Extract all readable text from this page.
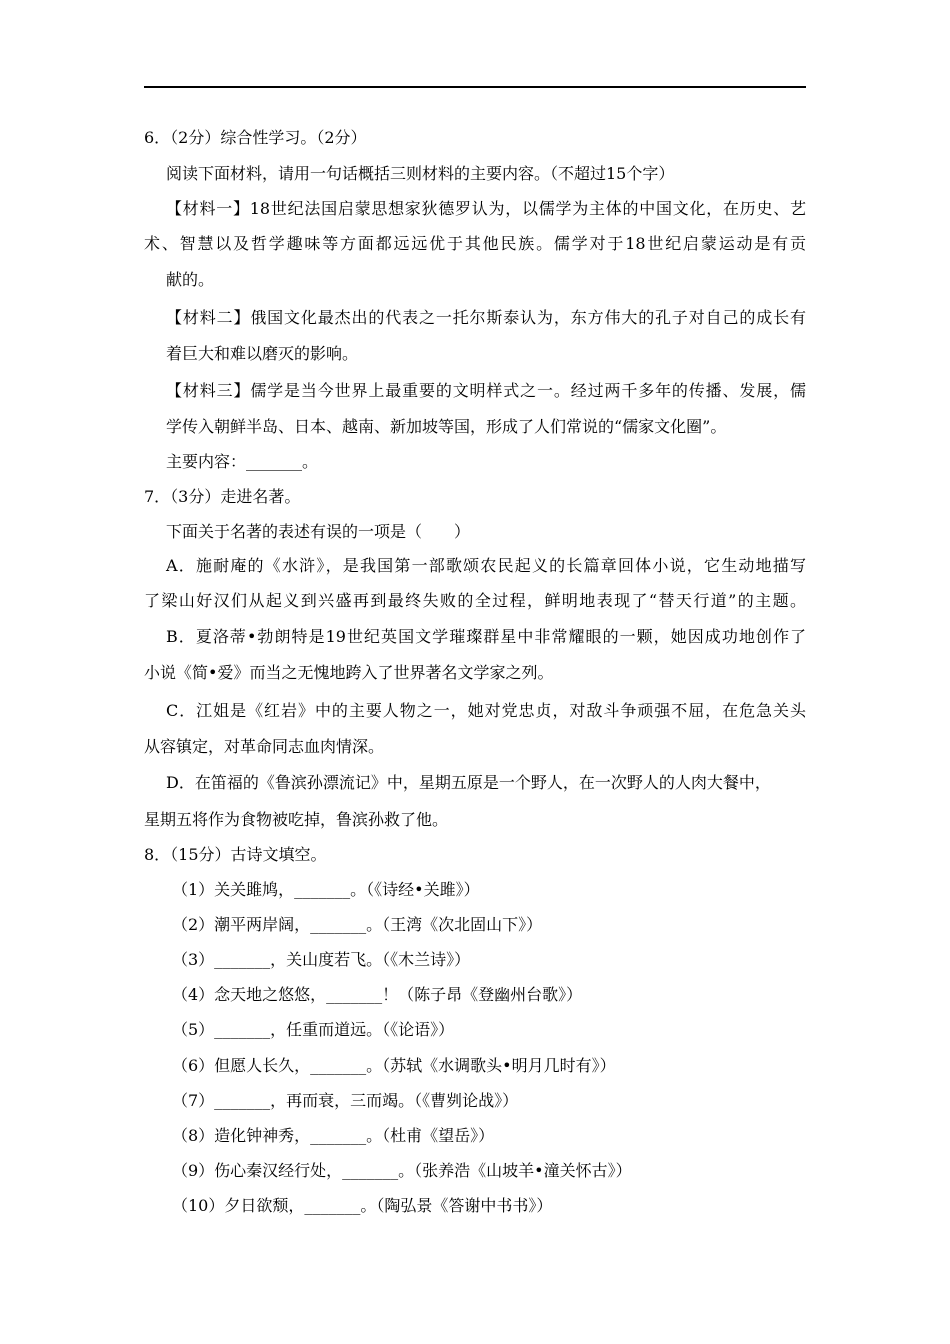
6．（2分）综合性学习。（2分）
阅读下面材料，请用一句话概括三则材料的主要内容。（不超过15个字）
【材料一】18世纪法国启蒙思想家狄德罗认为，以儒学为主体的中国文化，在历史、艺
术、智慧以及哲学趣味等方面都远远优于其他民族。儒学对于18世纪启蒙运动是有贡
献的。
【材料二】俄国文化最杰出的代表之一托尔斯泰认为，东方伟大的孔子对自己的成长有
着巨大和难以磨灭的影响。
【材料三】儒学是当今世界上最重要的文明样式之一。经过两千多年的传播、发展，儒
学传入朝鲜半岛、日本、越南、新加坡等国，形成了人们常说的“儒家文化圈”。
主要内容：_______。
7．（3分）走进名著。
下面关于名著的表述有误的一项是（　　）
A．施耐庵的《水浒》，是我国第一部歌颂农民起义的长篇章回体小说，它生动地描写
了梁山好汉们从起义到兴盛再到最终失败的全过程，鲜明地表现了“替天行道”的主题。
B．夏洛蒂•勃朗特是19世纪英国文学璀璨群星中非常耀眼的一颗，她因成功地创作了
小说《简•爱》而当之无愧地跨入了世界著名文学家之列。
C．江姐是《红岩》中的主要人物之一，她对党忠贞，对敌斗争顽强不屈，在危急关头
从容镇定，对革命同志血肉情深。
D．在笛福的《鲁滨孙漂流记》中，星期五原是一个野人，在一次野人的人肉大餐中，
星期五将作为食物被吃掉，鲁滨孙救了他。
8．（15分）古诗文填空。
（1）关关雎鸠，_______。（《诗经•关雎》）
（2）潮平两岸阔，_______。（王湾《次北固山下》）
（3）_______，关山度若飞。（《木兰诗》）
（4）念天地之悠悠，_______！（陈子昂《登幽州台歌》）
（5）_______，任重而道远。（《论语》）
（6）但愿人长久，_______。（苏轼《水调歌头•明月几时有》）
（7）_______，再而衰，三而竭。（《曹刿论战》）
（8）造化钟神秀，_______。（杜甫《望岳》）
（9）伤心秦汉经行处，_______。（张养浩《山坡羊•潼关怀古》）
（10）夕日欲颓，_______。（陶弘景《答谢中书书》）
